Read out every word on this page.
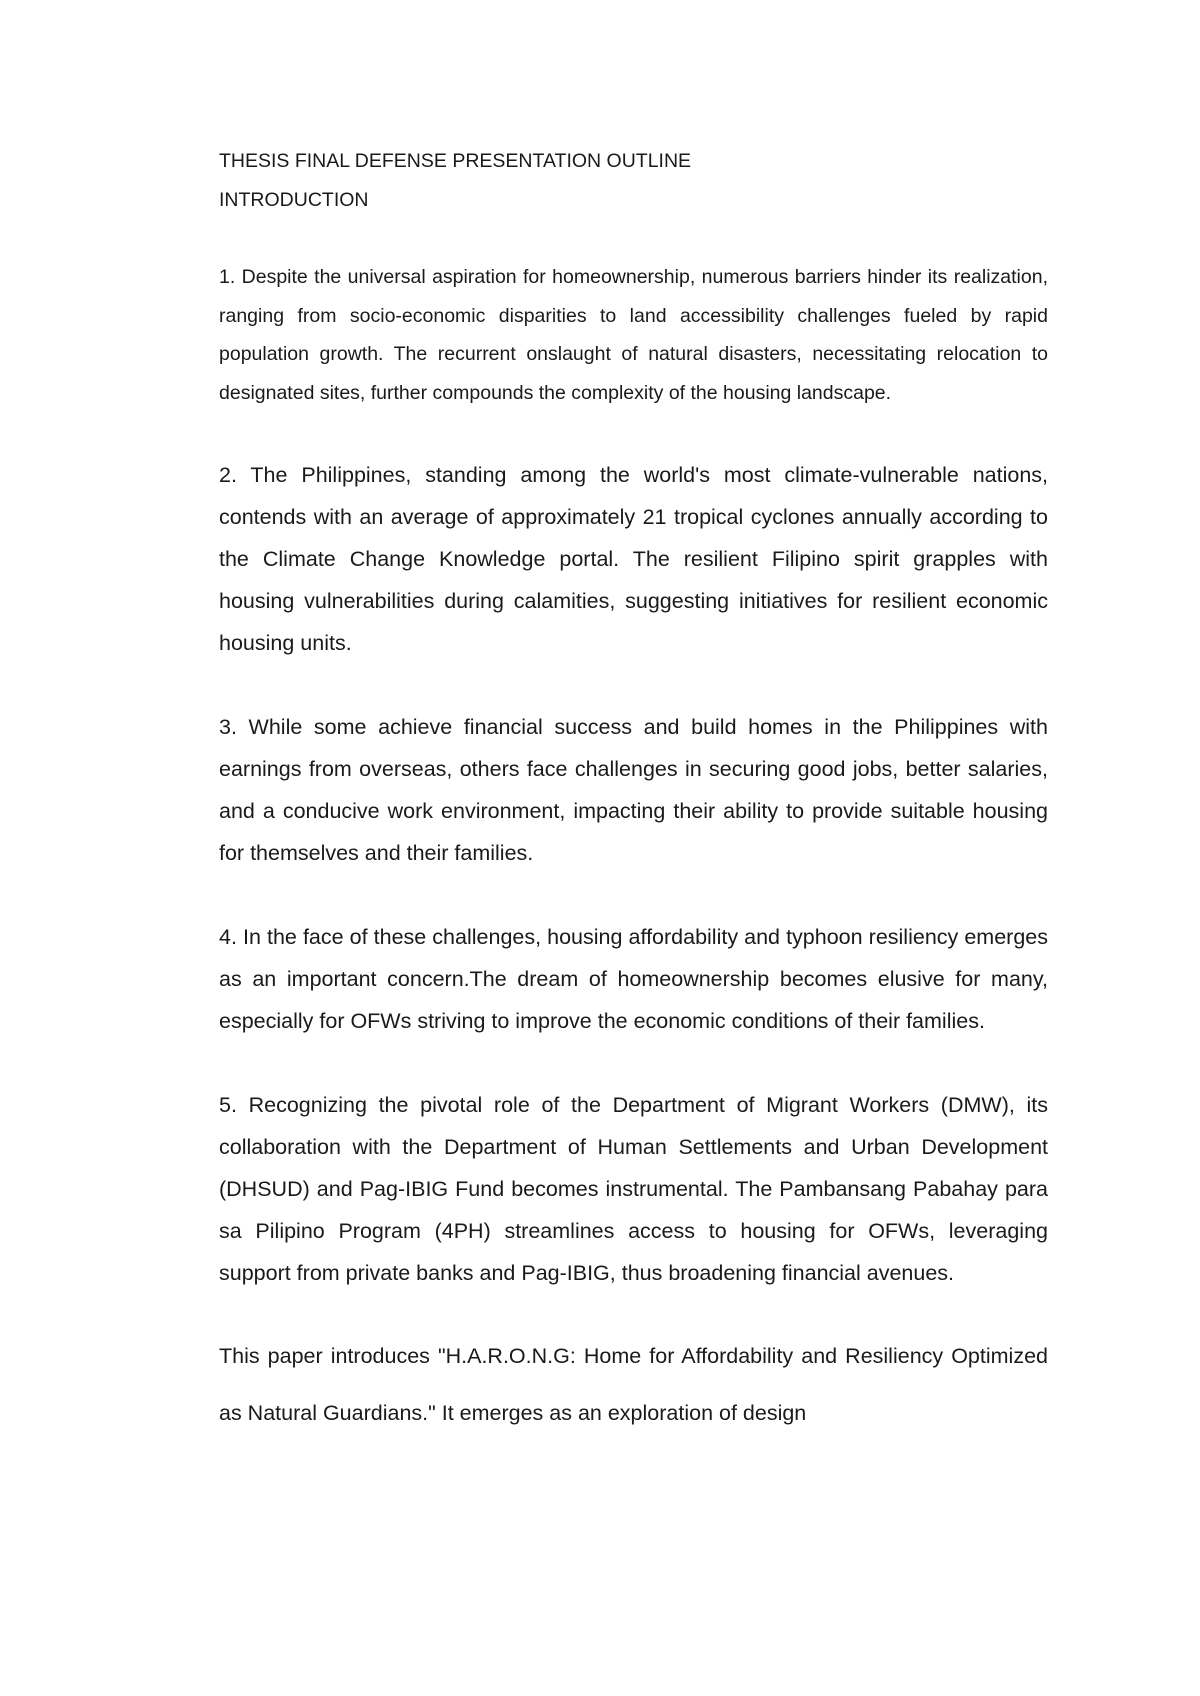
THESIS FINAL DEFENSE PRESENTATION OUTLINE
INTRODUCTION

1. Despite the universal aspiration for homeownership, numerous barriers hinder its realization, ranging from socio-economic disparities to land accessibility challenges fueled by rapid population growth. The recurrent onslaught of natural disasters, necessitating relocation to designated sites, further compounds the complexity of the housing landscape.

2. The Philippines, standing among the world's most climate-vulnerable nations, contends with an average of approximately 21 tropical cyclones annually according to the Climate Change Knowledge portal. The resilient Filipino spirit grapples with housing vulnerabilities during calamities, suggesting initiatives for resilient economic housing units.

3. While some achieve financial success and build homes in the Philippines with earnings from overseas, others face challenges in securing good jobs, better salaries, and a conducive work environment, impacting their ability to provide suitable housing for themselves and their families.

4. In the face of these challenges, housing affordability and typhoon resiliency emerges as an important concern.The dream of homeownership becomes elusive for many, especially for OFWs striving to improve the economic conditions of their families.

5. Recognizing the pivotal role of the Department of Migrant Workers (DMW), its collaboration with the Department of Human Settlements and Urban Development (DHSUD) and Pag-IBIG Fund becomes instrumental. The Pambansang Pabahay para sa Pilipino Program (4PH) streamlines access to housing for OFWs, leveraging support from private banks and Pag-IBIG, thus broadening financial avenues.

This paper introduces "H.A.R.O.N.G: Home for Affordability and Resiliency Optimized as Natural Guardians." It emerges as an exploration of design
